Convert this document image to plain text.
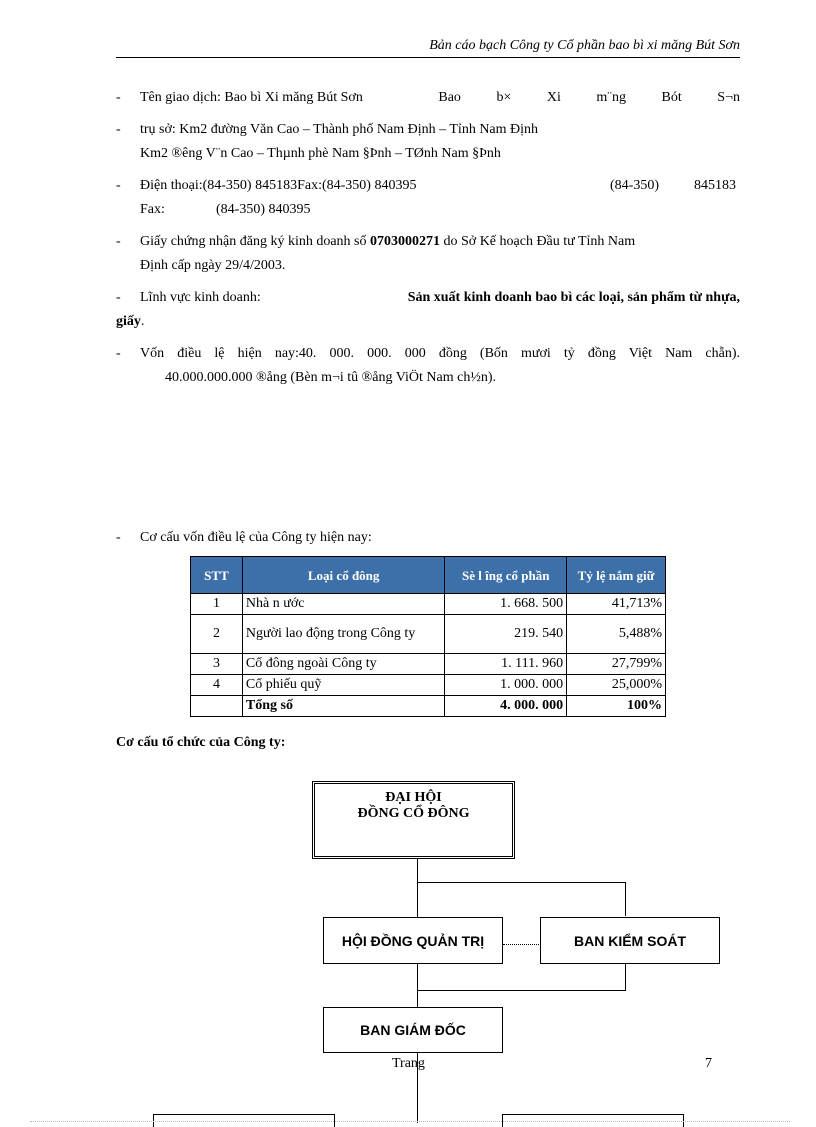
Bản cáo bạch Công ty Cổ phần bao bì xi măng Bút Sơn
- Tên giao dịch: Bao bì Xi măng Bút Sơn	Bao	b×	Xi	m¨ng	Bót	S¬n
- trụ sở: Km2 đường Văn Cao – Thành phố Nam Định – Tỉnh Nam Định
Km2 ®êng V¨n Cao – Thµnh phè Nam §Þnh – TØnh Nam §Þnh
- Điện thoại:(84-350) 845183Fax:(84-350) 840395	(84-350)	845183
Fax:	(84-350) 840395
- Giấy chứng nhận đăng ký kinh doanh số 0703000271 do Sở Kế hoạch Đầu tư Tỉnh Nam
Định cấp ngày 29/4/2003.
- Lĩnh vực kinh doanh:	Sản xuất kinh doanh bao bì các loại, sản phẩm từ nhựa,
giấy.
- Vốn điều lệ hiện nay:40. 000. 000. 000 đồng (Bốn mươi tỷ đồng Việt Nam chẵn).
40.000.000.000 ®ång (Bèn m¬i tû ®ång ViÖt Nam ch½n).
- Cơ cấu vốn điều lệ của Công ty hiện nay:
STT	Loại cổ đông	Sè l îng cổ phần	Tỷ lệ nắm giữ
1	Nhà n ước	1. 668. 500	41,713%
2	Người lao động trong Công ty	219. 540	5,488%
3	Cổ đông ngoài Công ty	1. 111. 960	27,799%
4	Cổ phiếu quỹ	1. 000. 000	25,000%
	Tổng số	4. 000. 000	100%
Cơ cấu tổ chức của Công ty:
ĐẠI HỘI
ĐỒNG CỔ ĐÔNG
HỘI ĐỒNG QUẢN TRỊ	BAN KIỂM SOÁT
BAN GIÁM ĐỐC
Trang	7
